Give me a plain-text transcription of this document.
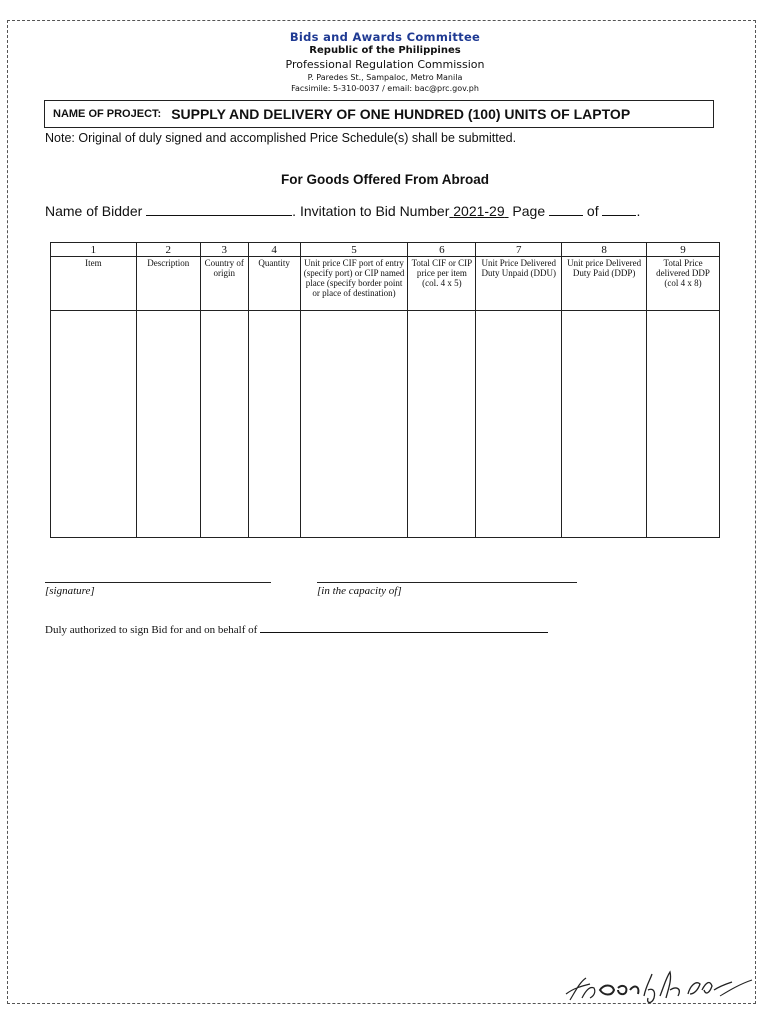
Bids and Awards Committee
Republic of the Philippines
Professional Regulation Commission
P. Paredes St., Sampaloc, Metro Manila
Facsimile: 5-310-0037 / email: bac@prc.gov.ph
NAME OF PROJECT: SUPPLY AND DELIVERY OF ONE HUNDRED (100) UNITS OF LAPTOP
Note: Original of duly signed and accomplished Price Schedule(s) shall be submitted.
For Goods Offered From Abroad
Name of Bidder	. Invitation to Bid Number 2021-29 Page	of	.
1	2	3	4	5	6	7	8	9
Item	Description	Country of origin	Quantity	Unit price CIF port of entry (specify port) or CIP named place (specify border point or place of destination)	Total CIF or CIP price per item (col. 4 x 5)	Unit Price Delivered Duty Unpaid (DDU)	Unit price Delivered Duty Paid (DDP)	Total Price delivered DDP (col 4 x 8)

[signature]	[in the capacity of]
Duly authorized to sign Bid for and on behalf of
